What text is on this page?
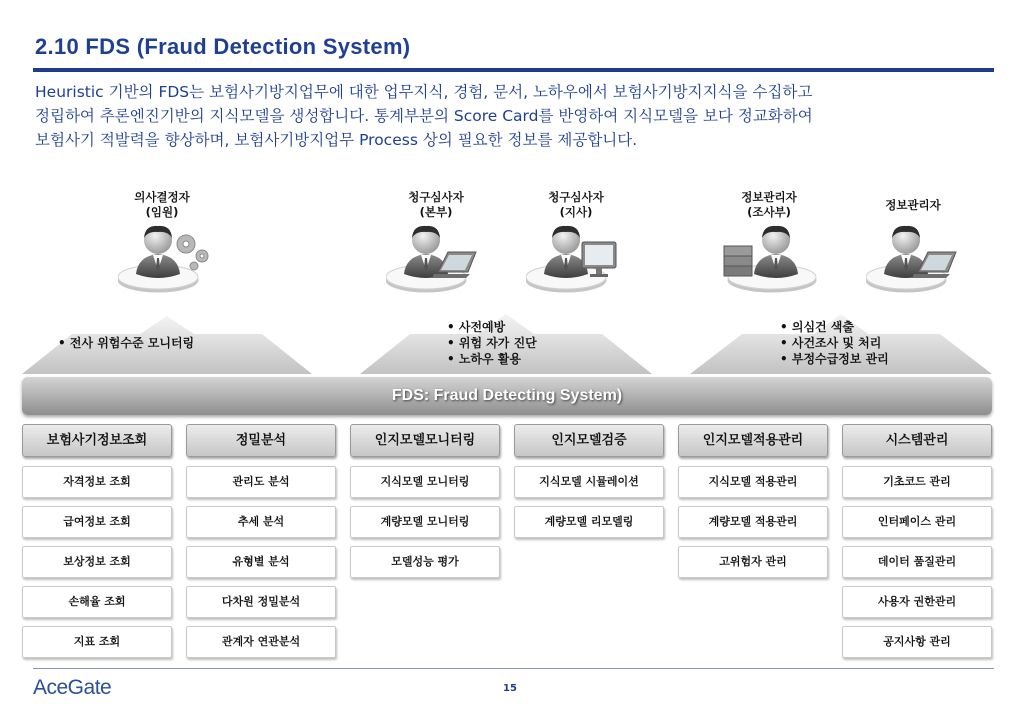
2.10 FDS (Fraud Detection System)
Heuristic 기반의 FDS는 보험사기방지업무에 대한 업무지식, 경험, 문서, 노하우에서 보험사기방지지식을 수집하고
정립하여 추론엔진기반의 지식모델을 생성합니다. 통계부분의 Score Card를 반영하여 지식모델을 보다 정교화하여
보험사기 적발력을 향상하며, 보험사기방지업무 Process 상의 필요한 정보를 제공합니다.
의사결정자
(임원)
청구심사자
(본부)
청구심사자
(지사)
정보관리자
(조사부)	정보관리자
• 전사 위험수준 모니터링
• 사전예방
• 위험 자가 진단
• 노하우 활용
• 의심건 색출
• 사건조사 및 처리
• 부정수급정보 관리
FDS: Fraud Detecting System)
보험사기정보조회
자격정보 조회
급여정보 조회
보상정보 조회
손해율 조회
지표 조회
정밀분석
관리도 분석
추세 분석
유형별 분석
다차원 정밀분석
관계자 연관분석
인지모델모니터링
지식모델 모니터링
계량모델 모니터링
모델성능 평가
인지모델검증
지식모델 시뮬레이션
계량모델 리모델링
인지모델적용관리
지식모델 적용관리
계량모델 적용관리
고위험자 관리
시스템관리
기초코드 관리
인터페이스 관리
데이터 품질관리
사용자 권한관리
공지사항 관리
AceGate	15
